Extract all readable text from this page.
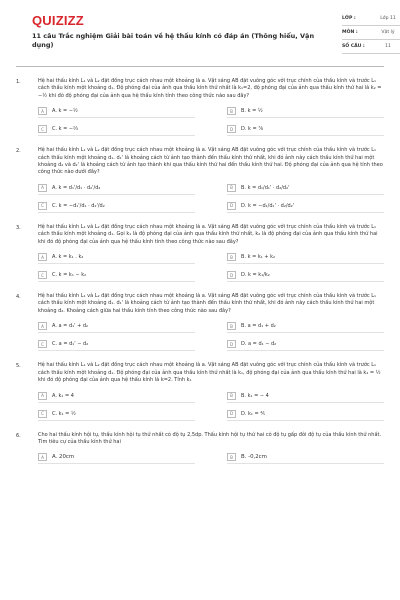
QUIZIZZ
11 câu Trắc nghiệm Giải bài toán về hệ thấu kính có đáp án (Thông hiểu, Vận dụng)
LỚP :	Lớp 11
MÔN :	Vật lý
SỐ CÂU :	11
1.	Hệ hai thấu kính L₁ và L₂ đặt đồng trục cách nhau một khoảng là a. Vật sáng AB đặt vuông góc với trục chính của thấu kính và trước L₁ cách thấu kính một khoảng d₁. Độ phóng đại của ảnh qua thấu kính thứ nhất là k₁=2, độ phóng đại của ảnh qua thấu kính thứ hai là k₂ = −½ khi đó độ phóng đại của ảnh qua hệ thấu kính tính theo công thức nào sau đây?
A	A. k = −½	B	B. k = ½
C	C. k = −⅔	D	D. k = ⅞
2.	Hệ hai thấu kính L₁ và L₂ đặt đồng trục cách nhau một khoảng là a. Vật sáng AB đặt vuông góc với trục chính của thấu kính và trước L₁ cách thấu kính một khoảng d₁. d₁' là khoảng cách từ ảnh tạo thành đến thấu kính thứ nhất, khi đó ảnh này cách thấu kính thứ hai một khoảng d₂ và d₂' là khoảng cách từ ảnh tạo thành khi qua thấu kính thứ hai đến thấu kính thứ hai. Độ phóng đại của ảnh qua hệ tính theo công thức nào dưới đây?
A	A. k = d₁'/d₁ · d₂'/d₂	B	B. k = d₁/d₁' · d₂/d₂'
C	C. k = −d₁'/d₁ · d₂'/d₂	D	D. k = −d₁/d₁' · d₂/d₂'
3.	Hệ hai thấu kính L₁ và L₂ đặt đồng trục cách nhau một khoảng là a. Vật sáng AB đặt vuông góc với trục chính của thấu kính và trước L₁ cách thấu kính một khoảng d₁. Gọi k₁ là độ phóng đại của ảnh qua thấu kính thứ nhất, k₂ là độ phóng đại của ảnh qua thấu kính thứ hai khi đó độ phóng đại của ảnh qua hệ thấu kính tính theo công thức nào sau đây?
A	A. k = k₁ . k₂	B	B. k = k₁ + k₂
C	C. k = k₁ − k₂	D	D. k = k₁/k₂
4.	Hệ hai thấu kính L₁ và L₂ đặt đồng trục cách nhau một khoảng là a. Vật sáng AB đặt vuông góc với trục chính của thấu kính và trước L₁ cách thấu kính một khoảng d₁. d₁' là khoảng cách từ ảnh tạo thành đến thấu kính thứ nhất, khi đó ảnh này cách thấu kính thứ hai một khoảng d₂. Khoảng cách giữa hai thấu kính tính theo công thức nào sau đây?
A	A. a = d₁' + d₂	B	B. a = d₁ + d₂
C	C. a = d₁' − d₂	D	D. a = d₁ − d₂
5.	Hệ hai thấu kính L₁ và L₂ đặt đồng trục cách nhau một khoảng là a. Vật sáng AB đặt vuông góc với trục chính của thấu kính và trước L₁ cách thấu kính một khoảng d₁. Độ phóng đại của ảnh qua thấu kính thứ nhất là k₁, độ phóng đại của ảnh qua thấu kính thứ hai là k₂ = ½ khi đó độ phóng đại của ảnh qua hệ thấu kính là k=2. Tính k₁
A	A. k₁ = 4	B	B. k₁ = − 4
C	C. k₁ = ½	D	D. k₁ = ⅘
6.	Cho hai thấu kính hội tụ, thấu kính hội tụ thứ nhất có độ tụ 2,5dp. Thấu kính hội tụ thứ hai có độ tụ gấp đôi độ tụ của thấu kính thứ nhất. Tìm tiêu cự của thấu kính thứ hai
A	A. 20cm	B	B. -0,2cm
